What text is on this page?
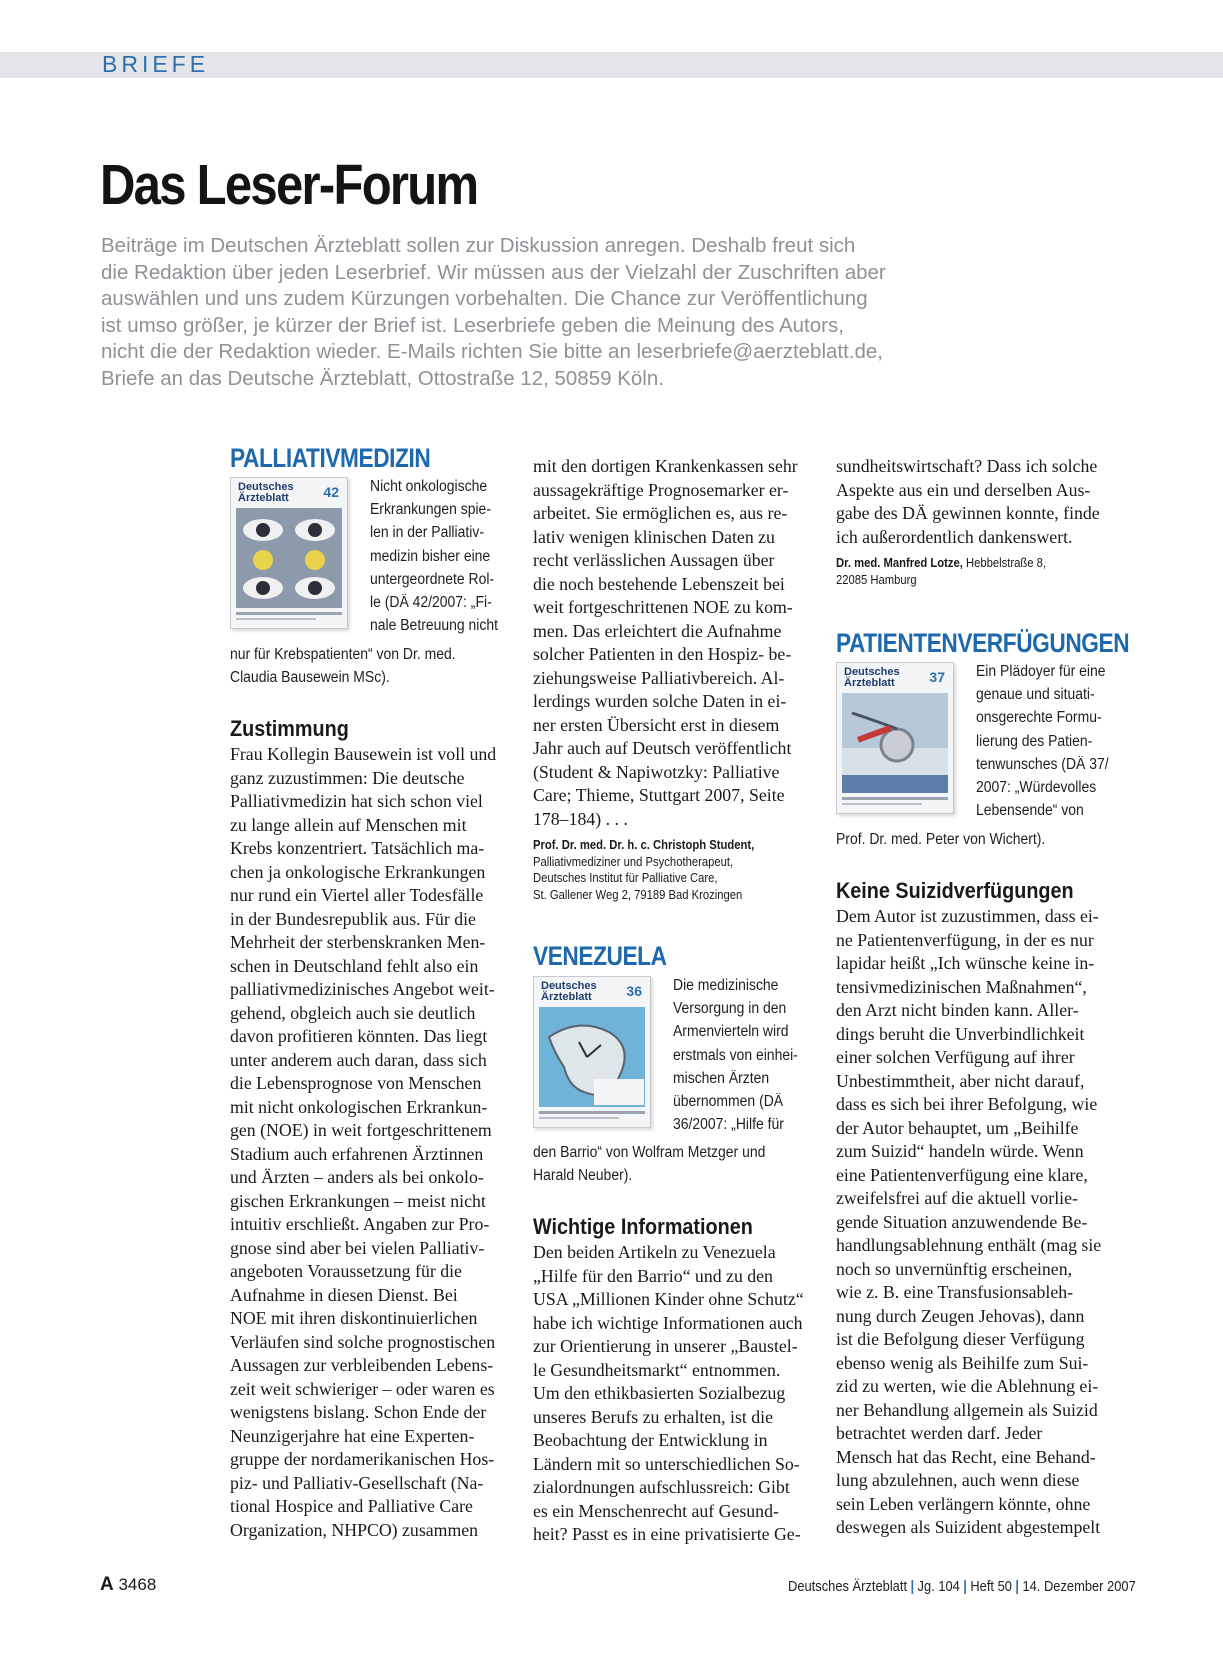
BRIEFE
Das Leser-Forum
Beiträge im Deutschen Ärzteblatt sollen zur Diskussion anregen. Deshalb freut sich
die Redaktion über jeden Leserbrief. Wir müssen aus der Vielzahl der Zuschriften aber
auswählen und uns zudem Kürzungen vorbehalten. Die Chance zur Veröffentlichung
ist umso größer, je kürzer der Brief ist. Leserbriefe geben die Meinung des Autors,
nicht die der Redaktion wieder. E-Mails richten Sie bitte an leserbriefe@aerzteblatt.de,
Briefe an das Deutsche Ärzteblatt, Ottostraße 12, 50859 Köln.
PALLIATIVMEDIZIN
Deutsches Ärzteblatt	42 Nicht onkologische
Erkrankungen spie-
len in der Palliativ-
medizin bisher eine
untergeordnete Rol-
le (DÄ 42/2007: „Fi-
nale Betreuung nicht
nur für Krebspatienten“ von Dr. med.
Claudia Bausewein MSc).
Zustimmung
Frau Kollegin Bausewein ist voll und
ganz zuzustimmen: Die deutsche
Palliativmedizin hat sich schon viel
zu lange allein auf Menschen mit
Krebs konzentriert. Tatsächlich ma-
chen ja onkologische Erkrankungen
nur rund ein Viertel aller Todesfälle
in der Bundesrepublik aus. Für die
Mehrheit der sterbenskranken Men-
schen in Deutschland fehlt also ein
palliativmedizinisches Angebot weit-
gehend, obgleich auch sie deutlich
davon profitieren könnten. Das liegt
unter anderem auch daran, dass sich
die Lebensprognose von Menschen
mit nicht onkologischen Erkrankun-
gen (NOE) in weit fortgeschrittenem
Stadium auch erfahrenen Ärztinnen
und Ärzten – anders als bei onkolo-
gischen Erkrankungen – meist nicht
intuitiv erschließt. Angaben zur Pro-
gnose sind aber bei vielen Palliativ-
angeboten Voraussetzung für die
Aufnahme in diesen Dienst. Bei
NOE mit ihren diskontinuierlichen
Verläufen sind solche prognostischen
Aussagen zur verbleibenden Lebens-
zeit weit schwieriger – oder waren es
wenigstens bislang. Schon Ende der
Neunzigerjahre hat eine Experten-
gruppe der nordamerikanischen Hos-
piz- und Palliativ-Gesellschaft (Na-
tional Hospice and Palliative Care
Organization, NHPCO) zusammen
mit den dortigen Krankenkassen sehr
aussagekräftige Prognosemarker er-
arbeitet. Sie ermöglichen es, aus re-
lativ wenigen klinischen Daten zu
recht verlässlichen Aussagen über
die noch bestehende Lebenszeit bei
weit fortgeschrittenen NOE zu kom-
men. Das erleichtert die Aufnahme
solcher Patienten in den Hospiz- be-
ziehungsweise Palliativbereich. Al-
lerdings wurden solche Daten in ei-
ner ersten Übersicht erst in diesem
Jahr auch auf Deutsch veröffentlicht
(Student & Napiwotzky: Palliative
Care; Thieme, Stuttgart 2007, Seite
178–184) . . .
Prof. Dr. med. Dr. h. c. Christoph Student,
Palliativmediziner und Psychotherapeut,
Deutsches Institut für Palliative Care,
St. Gallener Weg 2, 79189 Bad Krozingen
VENEZUELA
Deutsches Ärzteblatt	36 Die medizinische
Versorgung in den
Armenvierteln wird
erstmals von einhei-
mischen Ärzten
übernommen (DÄ
36/2007: „Hilfe für
den Barrio“ von Wolfram Metzger und
Harald Neuber).
Wichtige Informationen
Den beiden Artikeln zu Venezuela
„Hilfe für den Barrio“ und zu den
USA „Millionen Kinder ohne Schutz“
habe ich wichtige Informationen auch
zur Orientierung in unserer „Baustel-
le Gesundheitsmarkt“ entnommen.
Um den ethikbasierten Sozialbezug
unseres Berufs zu erhalten, ist die
Beobachtung der Entwicklung in
Ländern mit so unterschiedlichen So-
zialordnungen aufschlussreich: Gibt
es ein Menschenrecht auf Gesund-
heit? Passt es in eine privatisierte Ge-
sundheitswirtschaft? Dass ich solche
Aspekte aus ein und derselben Aus-
gabe des DÄ gewinnen konnte, finde
ich außerordentlich dankenswert.
Dr. med. Manfred Lotze, Hebbelstraße 8,
22085 Hamburg
PATIENTENVERFÜGUNGEN
Deutsches Ärzteblatt	37 Ein Plädoyer für eine
genaue und situati-
onsgerechte Formu-
lierung des Patien-
tenwunsches (DÄ 37/
2007: „Würdevolles
Lebensende“ von
Prof. Dr. med. Peter von Wichert).
Keine Suizidverfügungen
Dem Autor ist zuzustimmen, dass ei-
ne Patientenverfügung, in der es nur
lapidar heißt „Ich wünsche keine in-
tensivmedizinischen Maßnahmen“,
den Arzt nicht binden kann. Aller-
dings beruht die Unverbindlichkeit
einer solchen Verfügung auf ihrer
Unbestimmtheit, aber nicht darauf,
dass es sich bei ihrer Befolgung, wie
der Autor behauptet, um „Beihilfe
zum Suizid“ handeln würde. Wenn
eine Patientenverfügung eine klare,
zweifelsfrei auf die aktuell vorlie-
gende Situation anzuwendende Be-
handlungsablehnung enthält (mag sie
noch so unvernünftig erscheinen,
wie z. B. eine Transfusionsableh-
nung durch Zeugen Jehovas), dann
ist die Befolgung dieser Verfügung
ebenso wenig als Beihilfe zum Sui-
zid zu werten, wie die Ablehnung ei-
ner Behandlung allgemein als Suizid
betrachtet werden darf. Jeder
Mensch hat das Recht, eine Behand-
lung abzulehnen, auch wenn diese
sein Leben verlängern könnte, ohne
deswegen als Suizident abgestempelt
A 3468	Deutsches Ärzteblatt | Jg. 104 | Heft 50 | 14. Dezember 2007
